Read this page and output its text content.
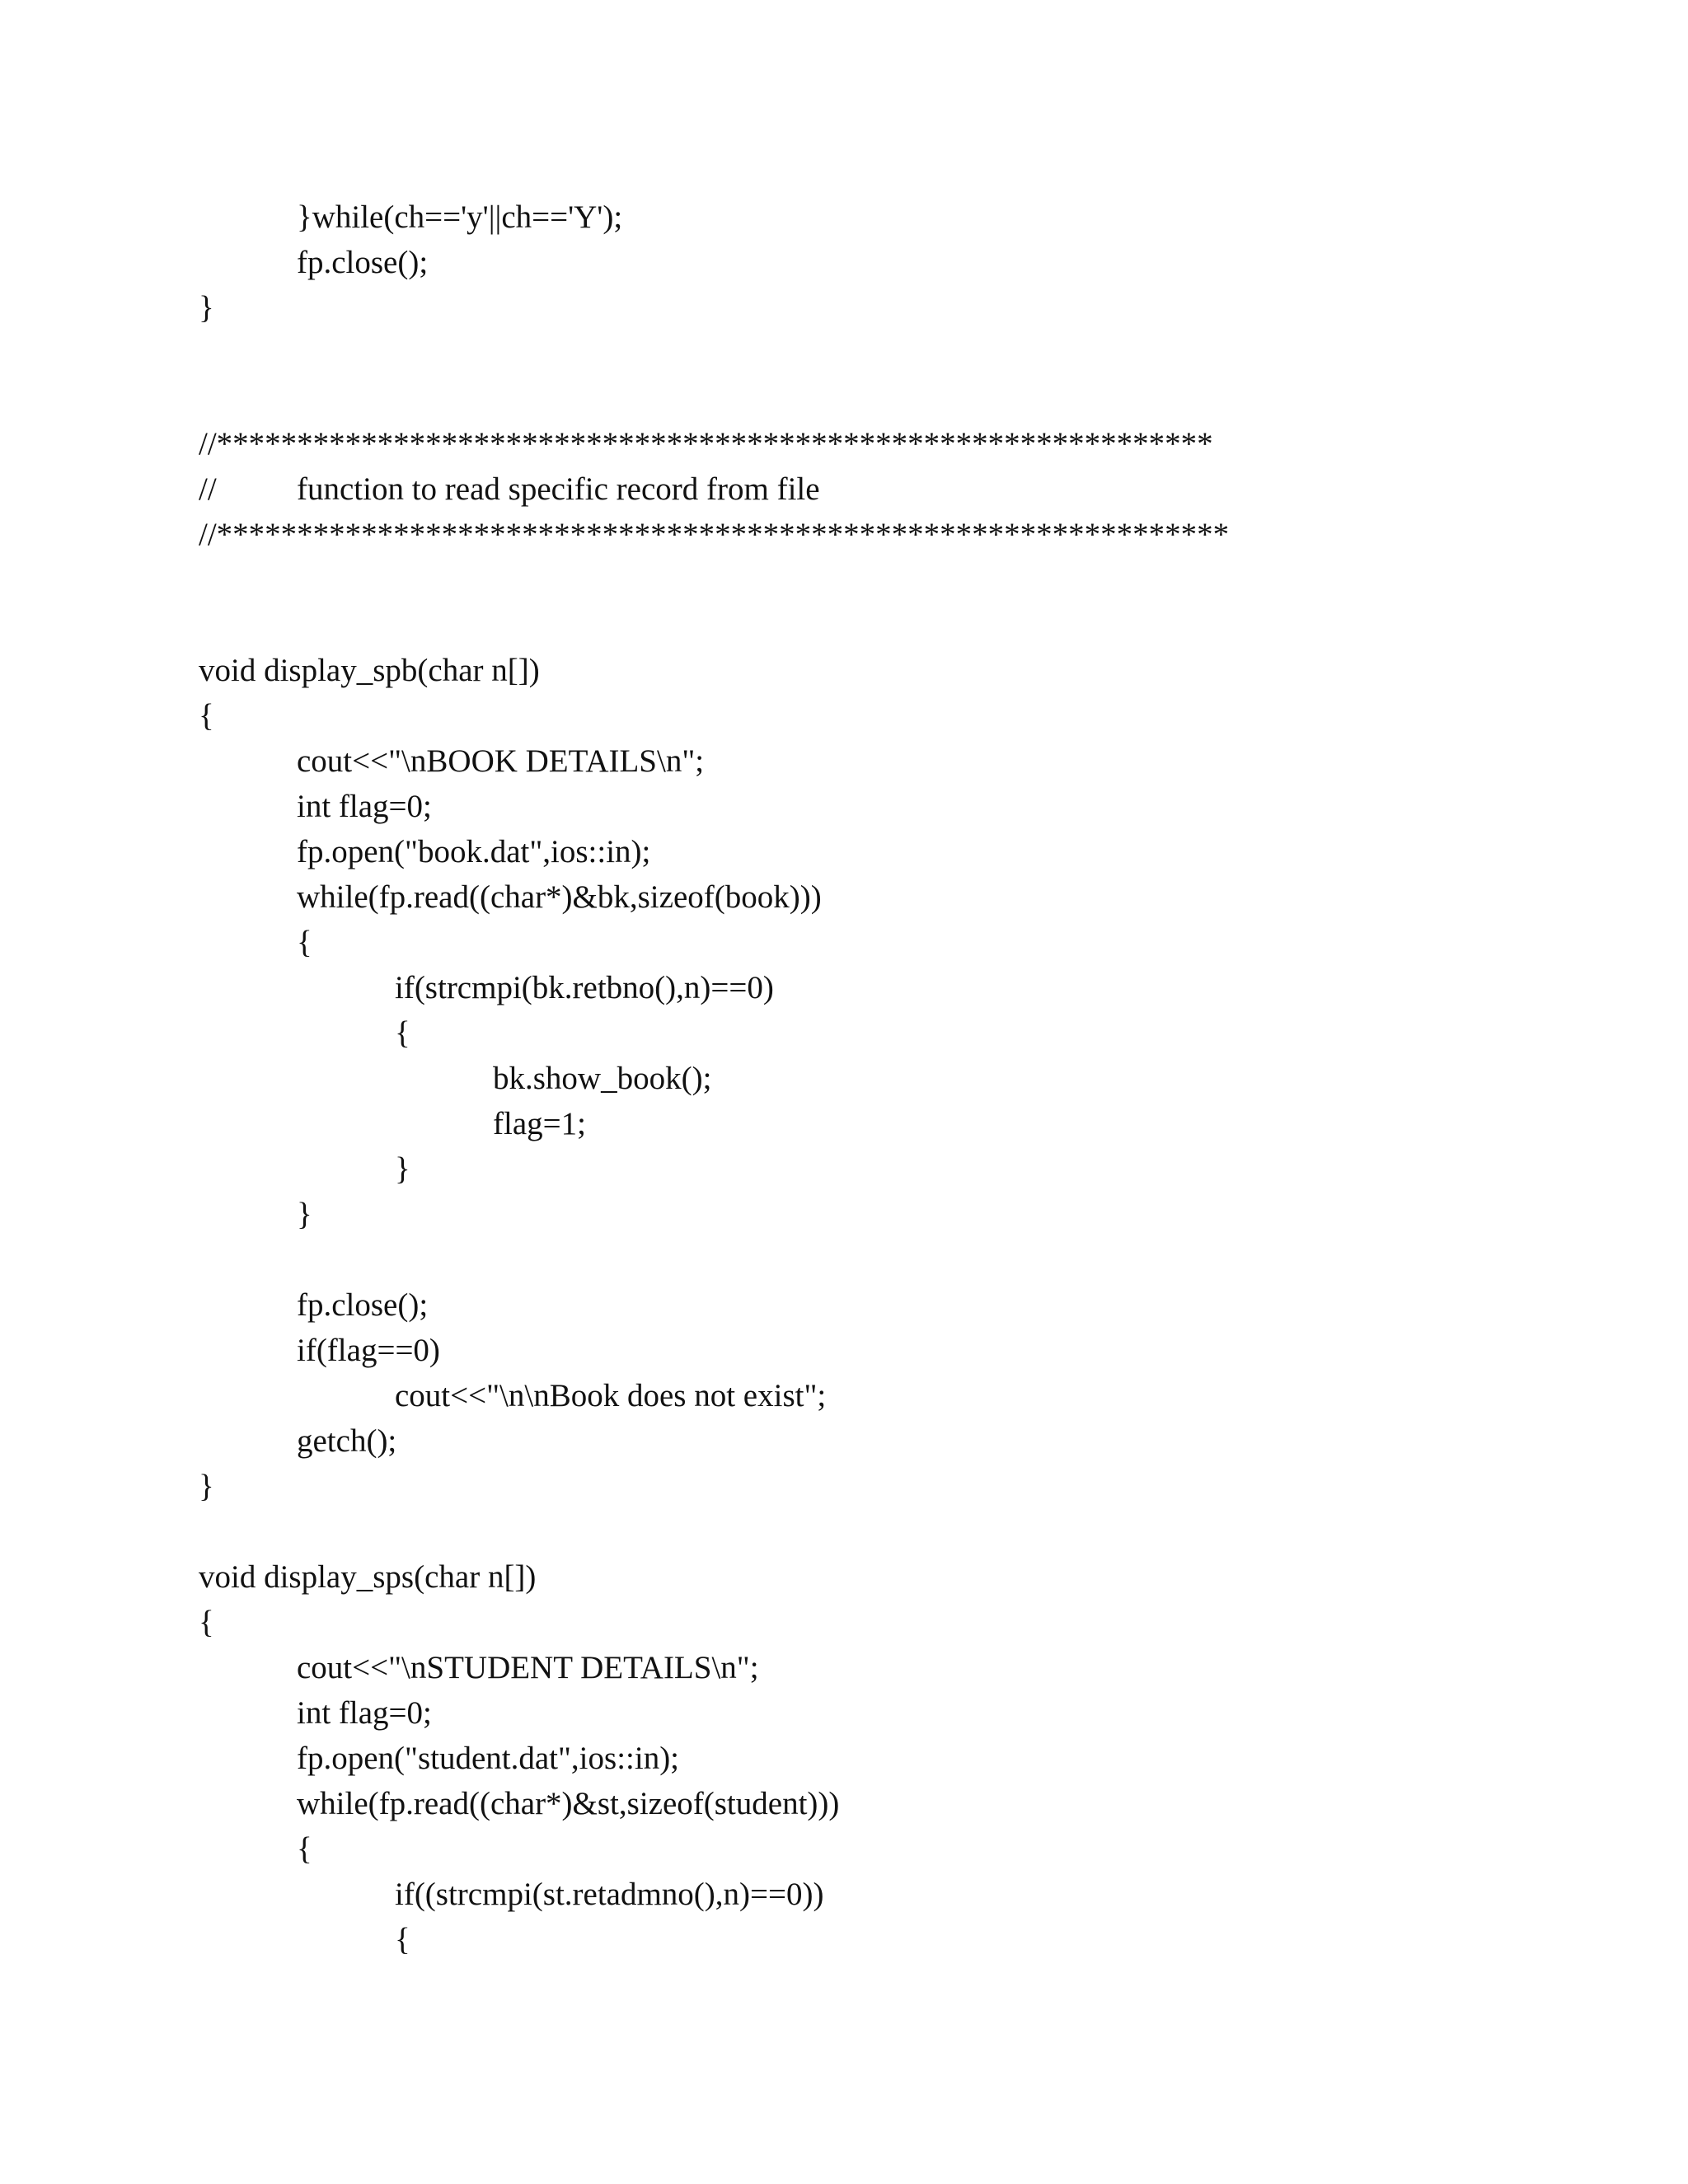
}while(ch=='y'||ch=='Y');
fp.close();
}
//**************************************************************
// function to read specific record from file
//***************************************************************
void display_spb(char n[])
{
cout<<"\nBOOK DETAILS\n";
int flag=0;
fp.open("book.dat",ios::in);
while(fp.read((char*)&bk,sizeof(book)))
{
if(strcmpi(bk.retbno(),n)==0)
{
bk.show_book();
flag=1;
}
}
fp.close();
if(flag==0)
cout<<"\n\nBook does not exist";
getch();
}
void display_sps(char n[])
{
cout<<"\nSTUDENT DETAILS\n";
int flag=0;
fp.open("student.dat",ios::in);
while(fp.read((char*)&st,sizeof(student)))
{
if((strcmpi(st.retadmno(),n)==0))
{
